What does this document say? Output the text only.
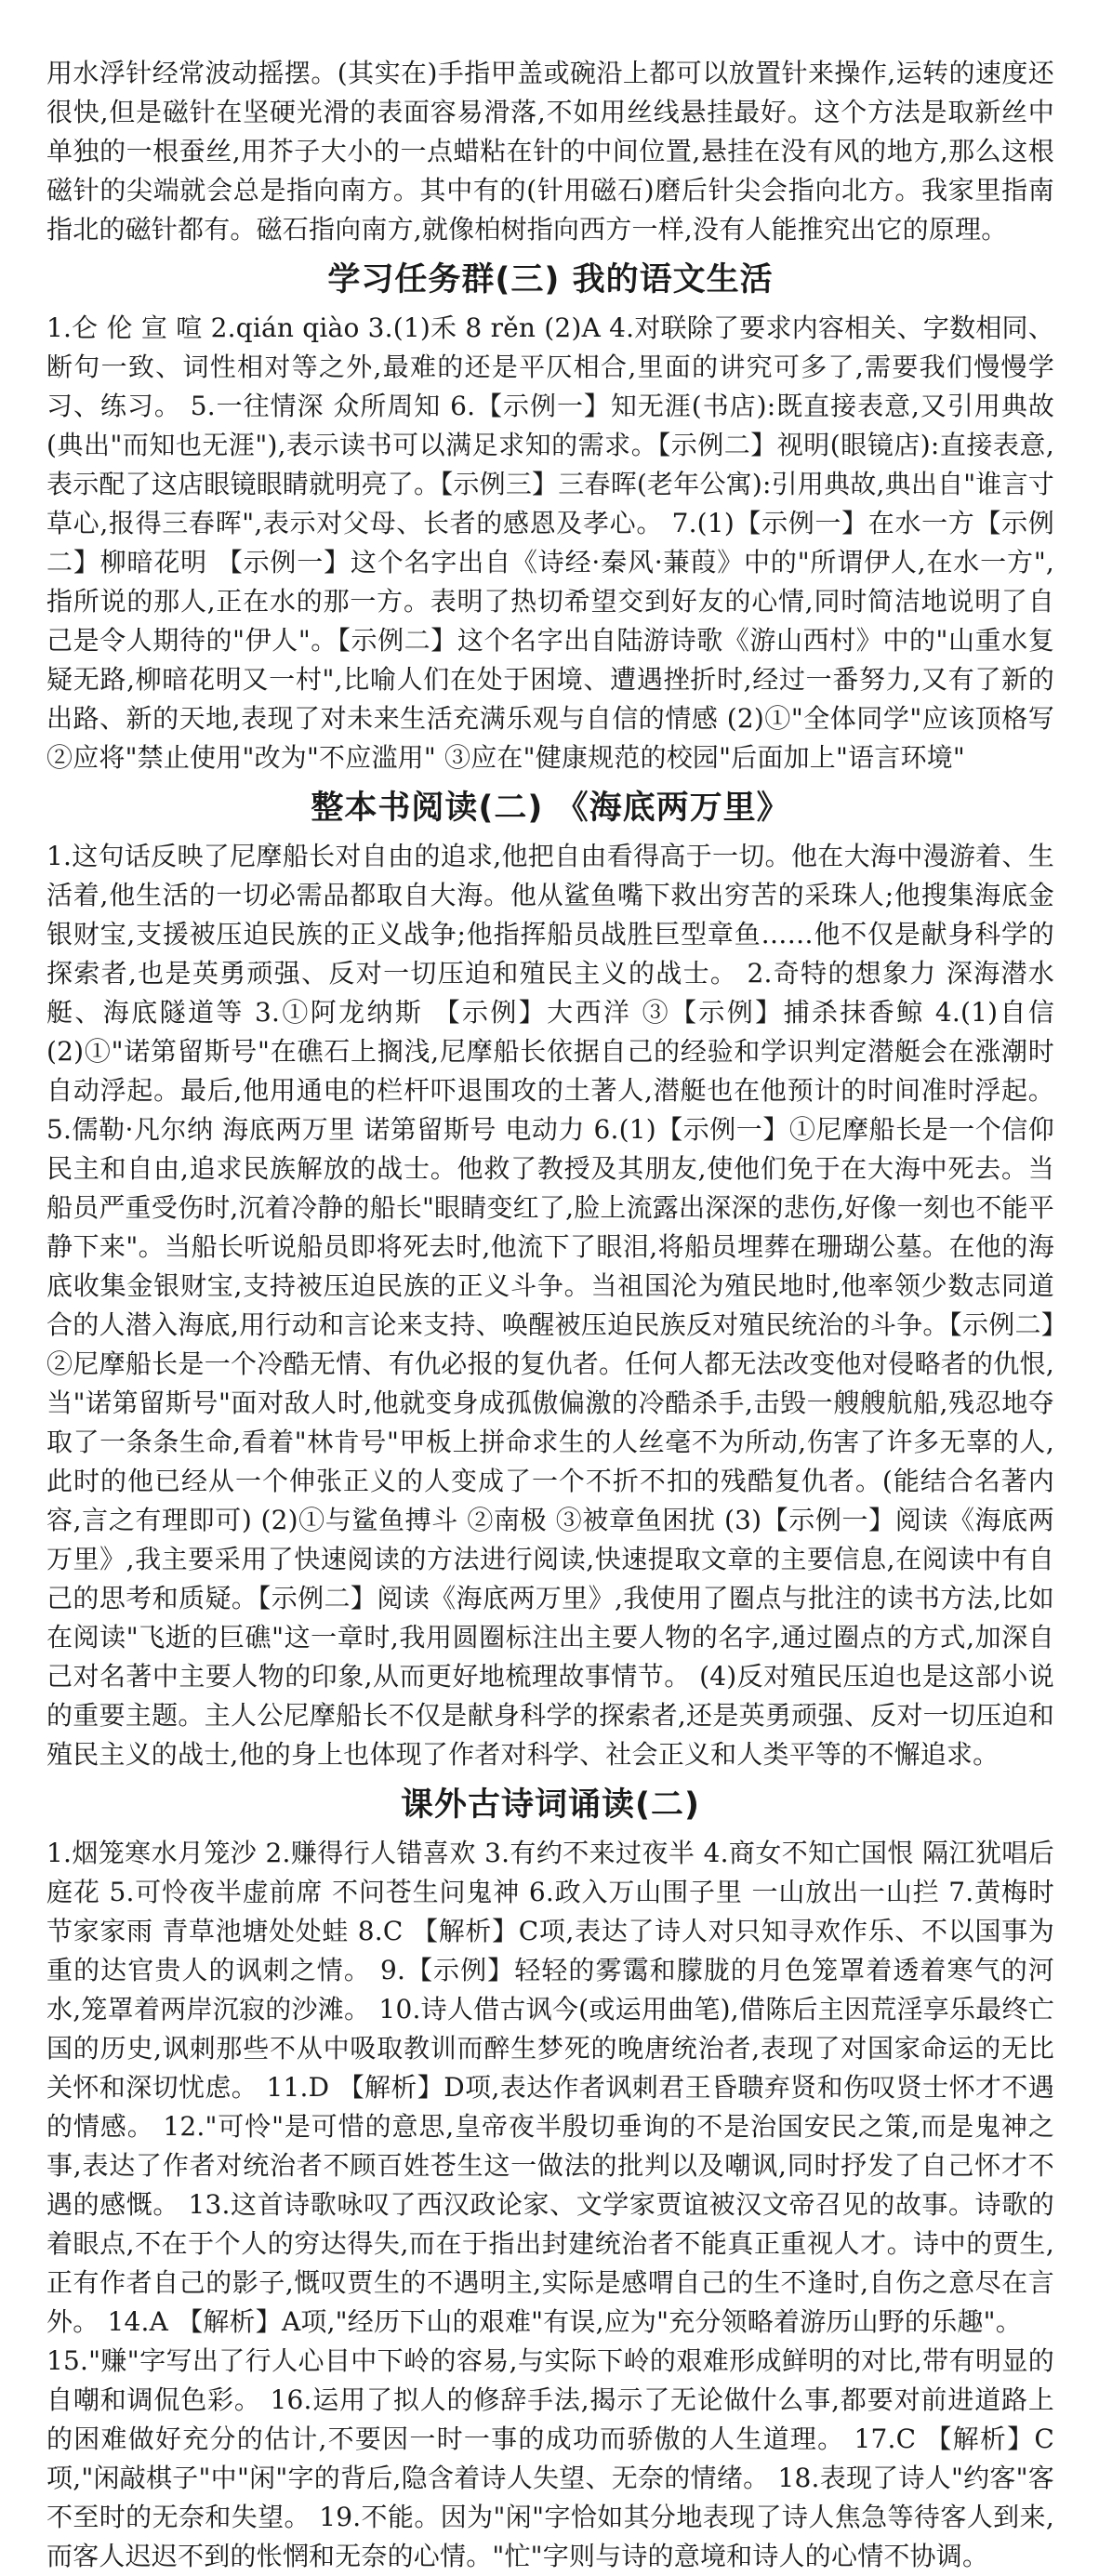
用水浮针经常波动摇摆。(其实在)手指甲盖或碗沿上都可以放置针来操作,运转的速度还很快,但是磁针在坚硬光滑的表面容易滑落,不如用丝线悬挂最好。这个方法是取新丝中单独的一根蚕丝,用芥子大小的一点蜡粘在针的中间位置,悬挂在没有风的地方,那么这根磁针的尖端就会总是指向南方。其中有的(针用磁石)磨后针尖会指向北方。我家里指南指北的磁针都有。磁石指向南方,就像柏树指向西方一样,没有人能推究出它的原理。

学习任务群(三) 我的语文生活

1.仑 伦 宣 喧 2.qián qiào 3.(1)禾 8 rěn (2)A 4.对联除了要求内容相关、字数相同、断句一致、词性相对等之外,最难的还是平仄相合,里面的讲究可多了,需要我们慢慢学习、练习。 5.一往情深 众所周知 6.【示例一】知无涯(书店):既直接表意,又引用典故(典出"而知也无涯"),表示读书可以满足求知的需求。【示例二】视明(眼镜店):直接表意,表示配了这店眼镜眼睛就明亮了。【示例三】三春晖(老年公寓):引用典故,典出自"谁言寸草心,报得三春晖",表示对父母、长者的感恩及孝心。 7.(1)【示例一】在水一方【示例二】柳暗花明 【示例一】这个名字出自《诗经·秦风·蒹葭》中的"所谓伊人,在水一方",指所说的那人,正在水的那一方。表明了热切希望交到好友的心情,同时简洁地说明了自己是令人期待的"伊人"。【示例二】这个名字出自陆游诗歌《游山西村》中的"山重水复疑无路,柳暗花明又一村",比喻人们在处于困境、遭遇挫折时,经过一番努力,又有了新的出路、新的天地,表现了对未来生活充满乐观与自信的情感 (2)①"全体同学"应该顶格写 ②应将"禁止使用"改为"不应滥用" ③应在"健康规范的校园"后面加上"语言环境"

整本书阅读(二) 《海底两万里》

1.这句话反映了尼摩船长对自由的追求,他把自由看得高于一切。他在大海中漫游着、生活着,他生活的一切必需品都取自大海。他从鲨鱼嘴下救出穷苦的采珠人;他搜集海底金银财宝,支援被压迫民族的正义战争;他指挥船员战胜巨型章鱼……他不仅是献身科学的探索者,也是英勇顽强、反对一切压迫和殖民主义的战士。 2.奇特的想象力 深海潜水艇、海底隧道等 3.①阿龙纳斯 【示例】大西洋 ③【示例】捕杀抹香鲸 4.(1)自信 (2)①"诺第留斯号"在礁石上搁浅,尼摩船长依据自己的经验和学识判定潜艇会在涨潮时自动浮起。最后,他用通电的栏杆吓退围攻的土著人,潜艇也在他预计的时间准时浮起。 5.儒勒·凡尔纳 海底两万里 诺第留斯号 电动力 6.(1)【示例一】①尼摩船长是一个信仰民主和自由,追求民族解放的战士。他救了教授及其朋友,使他们免于在大海中死去。当船员严重受伤时,沉着冷静的船长"眼睛变红了,脸上流露出深深的悲伤,好像一刻也不能平静下来"。当船长听说船员即将死去时,他流下了眼泪,将船员埋葬在珊瑚公墓。在他的海底收集金银财宝,支持被压迫民族的正义斗争。当祖国沦为殖民地时,他率领少数志同道合的人潜入海底,用行动和言论来支持、唤醒被压迫民族反对殖民统治的斗争。【示例二】②尼摩船长是一个冷酷无情、有仇必报的复仇者。任何人都无法改变他对侵略者的仇恨,当"诺第留斯号"面对敌人时,他就变身成孤傲偏激的冷酷杀手,击毁一艘艘航船,残忍地夺取了一条条生命,看着"林肯号"甲板上拼命求生的人丝毫不为所动,伤害了许多无辜的人,此时的他已经从一个伸张正义的人变成了一个不折不扣的残酷复仇者。(能结合名著内容,言之有理即可) (2)①与鲨鱼搏斗 ②南极 ③被章鱼困扰 (3)【示例一】阅读《海底两万里》,我主要采用了快速阅读的方法进行阅读,快速提取文章的主要信息,在阅读中有自己的思考和质疑。【示例二】阅读《海底两万里》,我使用了圈点与批注的读书方法,比如在阅读"飞逝的巨礁"这一章时,我用圆圈标注出主要人物的名字,通过圈点的方式,加深自己对名著中主要人物的印象,从而更好地梳理故事情节。 (4)反对殖民压迫也是这部小说的重要主题。主人公尼摩船长不仅是献身科学的探索者,还是英勇顽强、反对一切压迫和殖民主义的战士,他的身上也体现了作者对科学、社会正义和人类平等的不懈追求。

课外古诗词诵读(二)

1.烟笼寒水月笼沙 2.赚得行人错喜欢 3.有约不来过夜半 4.商女不知亡国恨 隔江犹唱后庭花 5.可怜夜半虚前席 不问苍生问鬼神 6.政入万山围子里 一山放出一山拦 7.黄梅时节家家雨 青草池塘处处蛙 8.C 【解析】C项,表达了诗人对只知寻欢作乐、不以国事为重的达官贵人的讽刺之情。 9.【示例】轻轻的雾霭和朦胧的月色笼罩着透着寒气的河水,笼罩着两岸沉寂的沙滩。 10.诗人借古讽今(或运用曲笔),借陈后主因荒淫享乐最终亡国的历史,讽刺那些不从中吸取教训而醉生梦死的晚唐统治者,表现了对国家命运的无比关怀和深切忧虑。 11.D 【解析】D项,表达作者讽刺君王昏聩弃贤和伤叹贤士怀才不遇的情感。 12."可怜"是可惜的意思,皇帝夜半殷切垂询的不是治国安民之策,而是鬼神之事,表达了作者对统治者不顾百姓苍生这一做法的批判以及嘲讽,同时抒发了自己怀才不遇的感慨。 13.这首诗歌咏叹了西汉政论家、文学家贾谊被汉文帝召见的故事。诗歌的着眼点,不在于个人的穷达得失,而在于指出封建统治者不能真正重视人才。诗中的贾生,正有作者自己的影子,慨叹贾生的不遇明主,实际是感喟自己的生不逢时,自伤之意尽在言外。 14.A 【解析】A项,"经历下山的艰难"有误,应为"充分领略着游历山野的乐趣"。

15."赚"字写出了行人心目中下岭的容易,与实际下岭的艰难形成鲜明的对比,带有明显的自嘲和调侃色彩。 16.运用了拟人的修辞手法,揭示了无论做什么事,都要对前进道路上的困难做好充分的估计,不要因一时一事的成功而骄傲的人生道理。 17.C 【解析】C项,"闲敲棋子"中"闲"字的背后,隐含着诗人失望、无奈的情绪。 18.表现了诗人"约客"客不至时的无奈和失望。 19.不能。因为"闲"字恰如其分地表现了诗人焦急等待客人到来,而客人迟迟不到的怅惘和无奈的心情。"忙"字则与诗的意境和诗人的心情不协调。
